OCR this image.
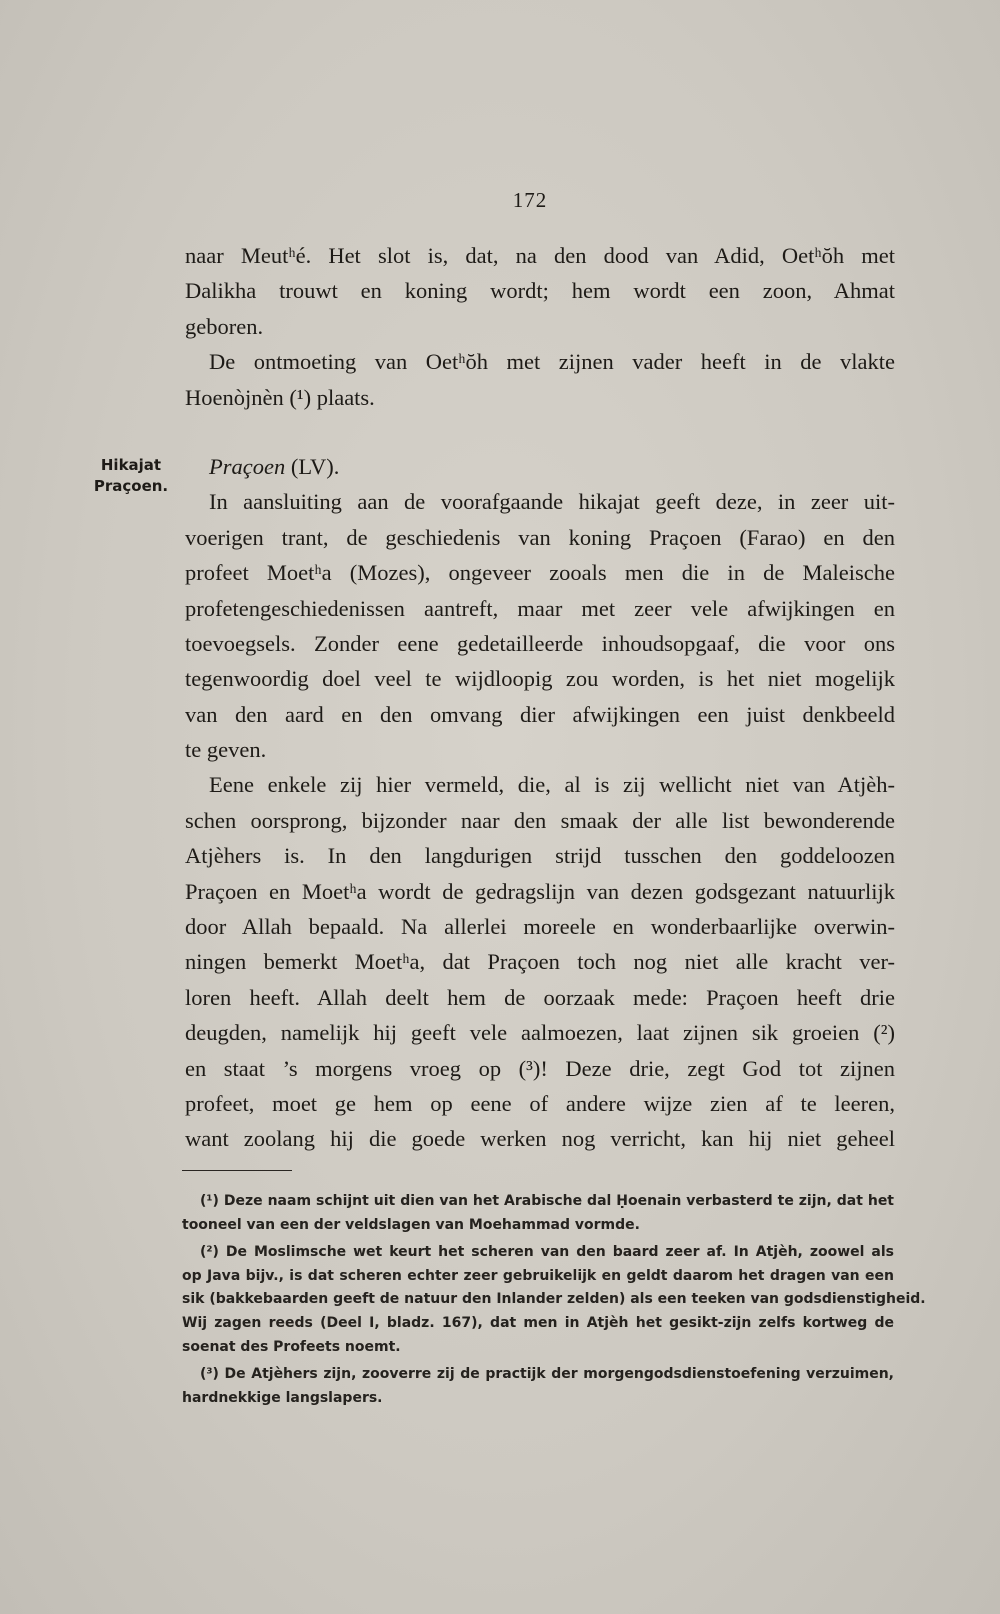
172
Hikajat
Praçoen.
naar Meutʰé. Het slot is, dat, na den dood van Adid, Oetʰŏh met
Dalikha trouwt en koning wordt; hem wordt een zoon, Ahmat
geboren.
De ontmoeting van Oetʰŏh met zijnen vader heeft in de vlakte
Hoenòjnèn (¹) plaats.
Praçoen (LV).
In aansluiting aan de voorafgaande hikajat geeft deze, in zeer uit-
voerigen trant, de geschiedenis van koning Praçoen (Farao) en den
profeet Moetʰa (Mozes), ongeveer zooals men die in de Maleische
profetengeschiedenissen aantreft, maar met zeer vele afwijkingen en
toevoegsels. Zonder eene gedetailleerde inhoudsopgaaf, die voor ons
tegenwoordig doel veel te wijdloopig zou worden, is het niet mogelijk
van den aard en den omvang dier afwijkingen een juist denkbeeld
te geven.
Eene enkele zij hier vermeld, die, al is zij wellicht niet van Atjèh-
schen oorsprong, bijzonder naar den smaak der alle list bewonderende
Atjèhers is. In den langdurigen strijd tusschen den goddeloozen
Praçoen en Moetʰa wordt de gedragslijn van dezen godsgezant natuurlijk
door Allah bepaald. Na allerlei moreele en wonderbaarlijke overwin-
ningen bemerkt Moetʰa, dat Praçoen toch nog niet alle kracht ver-
loren heeft. Allah deelt hem de oorzaak mede: Praçoen heeft drie
deugden, namelijk hij geeft vele aalmoezen, laat zijnen sik groeien (²)
en staat ’s morgens vroeg op (³)! Deze drie, zegt God tot zijnen
profeet, moet ge hem op eene of andere wijze zien af te leeren,
want zoolang hij die goede werken nog verricht, kan hij niet geheel
(¹) Deze naam schijnt uit dien van het Arabische dal Ḥoenain verbasterd te zijn, dat het
tooneel van een der veldslagen van Moehammad vormde.
(²) De Moslimsche wet keurt het scheren van den baard zeer af. In Atjèh, zoowel als
op Java bijv., is dat scheren echter zeer gebruikelijk en geldt daarom het dragen van een
sik (bakkebaarden geeft de natuur den Inlander zelden) als een teeken van godsdienstigheid.
Wij zagen reeds (Deel I, bladz. 167), dat men in Atjèh het gesikt-zijn zelfs kortweg de
soenat des Profeets noemt.
(³) De Atjèhers zijn, zooverre zij de practijk der morgengodsdienstoefening verzuimen,
hardnekkige langslapers.
